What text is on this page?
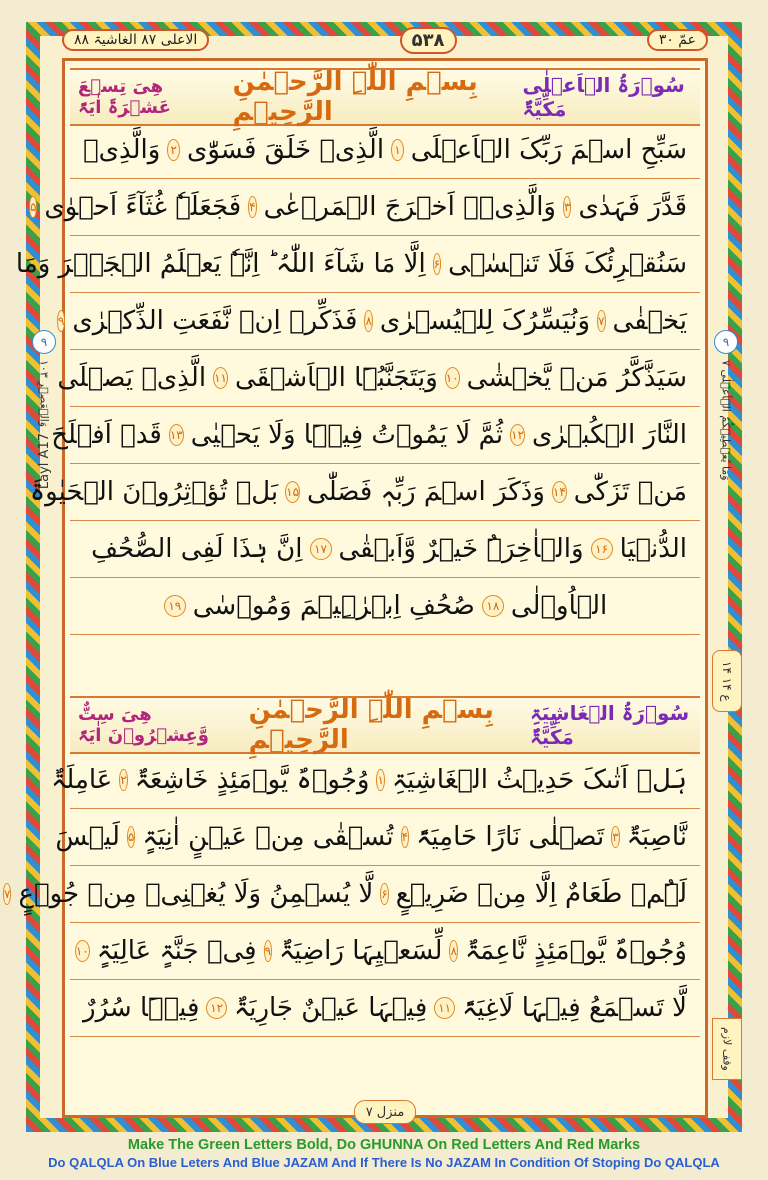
الاعلی ۸۷ الغاشیۃ ۸۸	۵۳۸	عمّ ۳۰
ھِیَ تِسۡعَ عَشۡرَۃَ اٰیَۃً
بِسۡمِ اللّٰہِ الرَّحۡمٰنِ الرَّحِیۡمِ
سُوۡرَۃُ الۡاَعۡلٰی مَکِّیَّۃٌ
سَبِّحِ اسۡمَ رَبِّکَ الۡاَعۡلَی
۱
الَّذِیۡ خَلَقَ فَسَوّٰی
۲
وَالَّذِیۡ
قَدَّرَ فَہَدٰی
۳
وَالَّذِیۡۤ اَخۡرَجَ الۡمَرۡعٰی
۴
فَجَعَلَہٗ غُثَآءً اَحۡوٰی
۵
سَنُقۡرِئُکَ فَلَا تَنۡسٰۤی
۶
اِلَّا مَا شَآءَ اللّٰہُ ؕ اِنَّہٗ یَعۡلَمُ الۡجَہۡرَ وَمَا
یَخۡفٰی
۷
وَنُیَسِّرُکَ لِلۡیُسۡرٰی
۸
فَذَکِّرۡ اِنۡ نَّفَعَتِ الذِّکۡرٰی
۹
سَیَذَّکَّرُ مَنۡ یَّخۡشٰی
۱۰
وَیَتَجَنَّبُہَا الۡاَشۡقَی
۱۱
الَّذِیۡ یَصۡلَی
النَّارَ الۡکُبۡرٰی
۱۲
ثُمَّ لَا یَمُوۡتُ فِیۡہَا وَلَا یَحۡیٰی
۱۳
قَدۡ اَفۡلَحَ
مَنۡ تَزَکّٰی
۱۴
وَذَکَرَ اسۡمَ رَبِّہٖ فَصَلّٰی
۱۵
بَلۡ تُؤۡثِرُوۡنَ الۡحَیٰوۃَ
الدُّنۡیَا
۱۶
وَالۡاٰخِرَۃُ خَیۡرٌ وَّاَبۡقٰی
۱۷
اِنَّ ہٰذَا لَفِی الصُّحُفِ
الۡاُوۡلٰی
۱۸
صُحُفِ اِبۡرٰہِیۡمَ وَمُوۡسٰی
۱۹
ھِیَ سِتٌّ وَّعِشۡرُوۡنَ اٰیَۃً
بِسۡمِ اللّٰہِ الرَّحۡمٰنِ الرَّحِیۡمِ
سُوۡرَۃُ الۡغَاشِیَۃِ مَکِّیَّۃٌ
ہَلۡ اَتٰىکَ حَدِیۡثُ الۡغَاشِیَۃِ
۱
وُجُوۡہٌ یَّوۡمَئِذٍ خَاشِعَۃٌ
۲
عَامِلَۃٌ
نَّاصِبَۃٌ
۳
تَصۡلٰی نَارًا حَامِیَۃً
۴
تُسۡقٰی مِنۡ عَیۡنٍ اٰنِیَۃٍ
۵
لَیۡسَ
لَہُمۡ طَعَامٌ اِلَّا مِنۡ ضَرِیۡعٍ
۶
لَّا یُسۡمِنُ وَلَا یُغۡنِیۡ مِنۡ جُوۡعٍ
۷
وُجُوۡہٌ یَّوۡمَئِذٍ نَّاعِمَۃٌ
۸
لِّسَعۡیِہَا رَاضِیَۃٌ
۹
فِیۡ جَنَّۃٍ عَالِیَۃٍ
۱۰
لَّا تَسۡمَعُ فِیۡہَا لَاغِیَۃً
۱۱
فِیۡہَا عَیۡنٌ جَارِیَۃٌ
۱۲
فِیۡہَا سُرُرٌ
۹
وَالۡعَصۡرِ ۱۰۳
Layl A17
۹
وَمَا یُعۡطِیۡکُمُ الۡاَعۡلٰی ۷
ع ۱۴ ۱۴
وقف لازم
منزل ۷
Make The Green Letters Bold, Do GHUNNA On Red Letters And Red Marks
Do QALQLA On Blue Leters And Blue JAZAM And If There Is No JAZAM In Condition Of Stoping Do QALQLA
